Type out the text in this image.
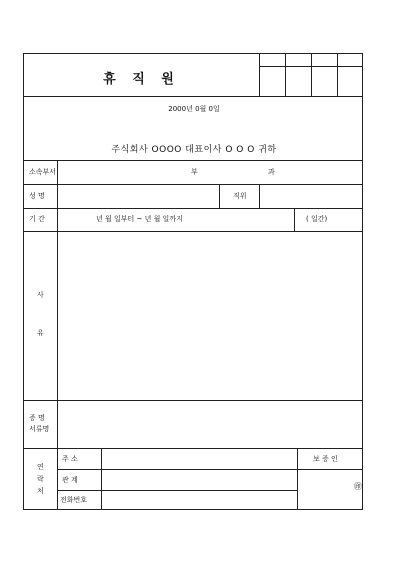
휴 직 원
2000년 0월 0일
주식회사 OOOO 대표이사 O O O 귀하
소속부서	부	과
성 명	직위
기 간	년 월 일부터 ~ 년 월 일까지	( 일간)
사
유
증 명
서류명
연
락
처
주 소
관 계
전화번호
보 증 인
㊞
